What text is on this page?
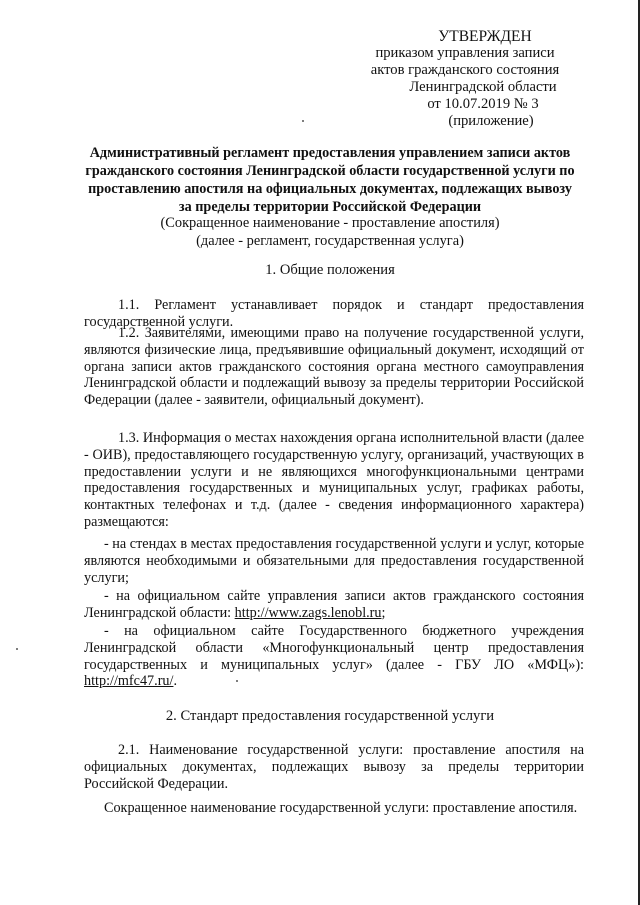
УТВЕРЖДЕН
приказом управления записи
актов гражданского состояния
Ленинградской области
от 10.07.2019 № 3
(приложение)
Административный регламент предоставления управлением записи актов гражданского состояния Ленинградской области государственной услуги по проставлению апостиля на официальных документах, подлежащих вывозу за пределы территории Российской Федерации
(Сокращенное наименование - проставление апостиля)
(далее - регламент, государственная услуга)
1. Общие положения
1.1. Регламент устанавливает порядок и стандарт предоставления государственной услуги.
1.2. Заявителями, имеющими право на получение государственной услуги, являются физические лица, предъявившие официальный документ, исходящий от органа записи актов гражданского состояния органа местного самоуправления Ленинградской области и подлежащий вывозу за пределы территории Российской Федерации (далее - заявители, официальный документ).
1.3. Информация о местах нахождения органа исполнительной власти (далее - ОИВ), предоставляющего государственную услугу, организаций, участвующих в предоставлении услуги и не являющихся многофункциональными центрами предоставления государственных и муниципальных услуг, графиках работы, контактных телефонах и т.д. (далее - сведения информационного характера) размещаются:
- на стендах в местах предоставления государственной услуги и услуг, которые являются необходимыми и обязательными для предоставления государственной услуги;
- на официальном сайте управления записи актов гражданского состояния Ленинградской области: http://www.zags.lenobl.ru;
- на официальном сайте Государственного бюджетного учреждения Ленинградской области «Многофункциональный центр предоставления государственных и муниципальных услуг» (далее - ГБУ ЛО «МФЦ»): http://mfc47.ru/.
2. Стандарт предоставления государственной услуги
2.1. Наименование государственной услуги: проставление апостиля на официальных документах, подлежащих вывозу за пределы территории Российской Федерации.
Сокращенное наименование государственной услуги: проставление апостиля.
